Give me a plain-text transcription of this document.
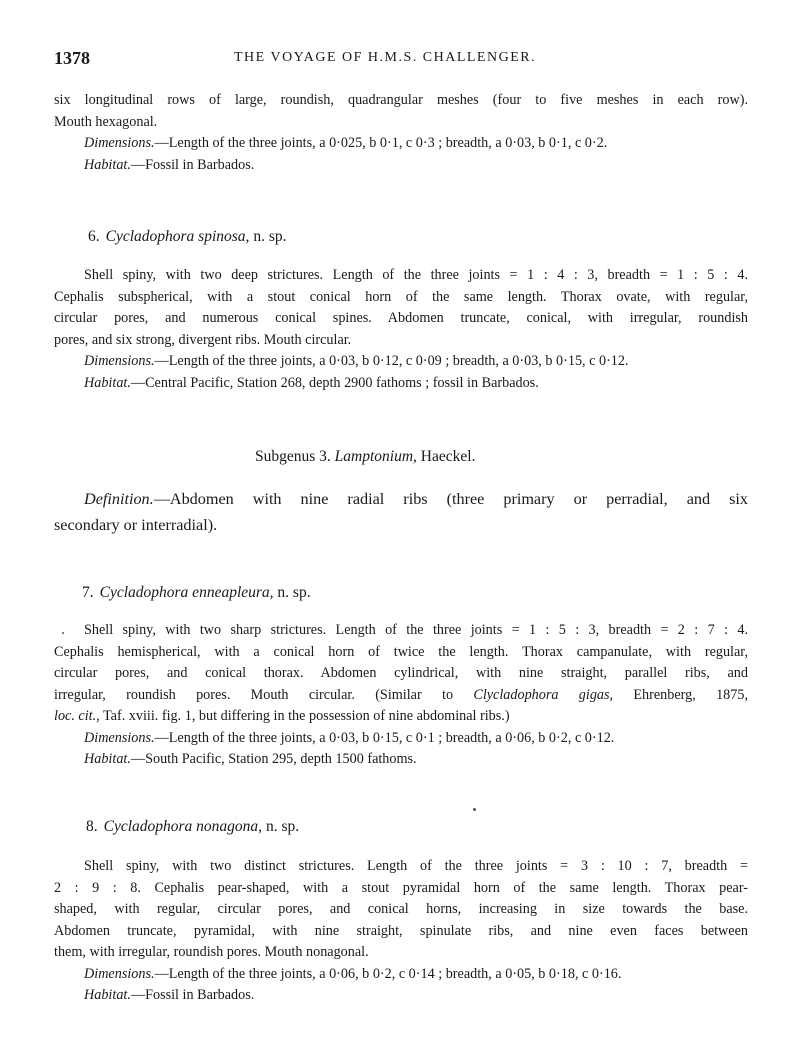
1378	THE VOYAGE OF H.M.S. CHALLENGER.
six longitudinal rows of large, roundish, quadrangular meshes (four to five meshes in each row).
Mouth hexagonal.
Dimensions.—Length of the three joints, a 0·025, b 0·1, c 0·3 ; breadth, a 0·03, b 0·1, c 0·2.
Habitat.—Fossil in Barbados.
6. Cycladophora spinosa, n. sp.
Shell spiny, with two deep strictures. Length of the three joints = 1 : 4 : 3, breadth = 1 : 5 : 4.
Cephalis subspherical, with a stout conical horn of the same length. Thorax ovate, with regular,
circular pores, and numerous conical spines. Abdomen truncate, conical, with irregular, roundish
pores, and six strong, divergent ribs. Mouth circular.
Dimensions.—Length of the three joints, a 0·03, b 0·12, c 0·09 ; breadth, a 0·03, b 0·15, c 0·12.
Habitat.—Central Pacific, Station 268, depth 2900 fathoms ; fossil in Barbados.
Subgenus 3. Lamptonium, Haeckel.
Definition.—Abdomen with nine radial ribs (three primary or perradial, and six
secondary or interradial).
7. Cycladophora enneapleura, n. sp.
Shell spiny, with two sharp strictures. Length of the three joints = 1 : 5 : 3, breadth = 2 : 7 : 4.
Cephalis hemispherical, with a conical horn of twice the length. Thorax campanulate, with regular,
circular pores, and conical thorax. Abdomen cylindrical, with nine straight, parallel ribs, and
irregular, roundish pores. Mouth circular. (Similar to Clycladophora gigas, Ehrenberg, 1875,
loc. cit., Taf. xviii. fig. 1, but differing in the possession of nine abdominal ribs.)
Dimensions.—Length of the three joints, a 0·03, b 0·15, c 0·1 ; breadth, a 0·06, b 0·2, c 0·12.
Habitat.—South Pacific, Station 295, depth 1500 fathoms.
8. Cycladophora nonagona, n. sp.
Shell spiny, with two distinct strictures. Length of the three joints = 3 : 10 : 7, breadth =
2 : 9 : 8. Cephalis pear-shaped, with a stout pyramidal horn of the same length. Thorax pear-
shaped, with regular, circular pores, and conical horns, increasing in size towards the base.
Abdomen truncate, pyramidal, with nine straight, spinulate ribs, and nine even faces between
them, with irregular, roundish pores. Mouth nonagonal.
Dimensions.—Length of the three joints, a 0·06, b 0·2, c 0·14 ; breadth, a 0·05, b 0·18, c 0·16.
Habitat.—Fossil in Barbados.
